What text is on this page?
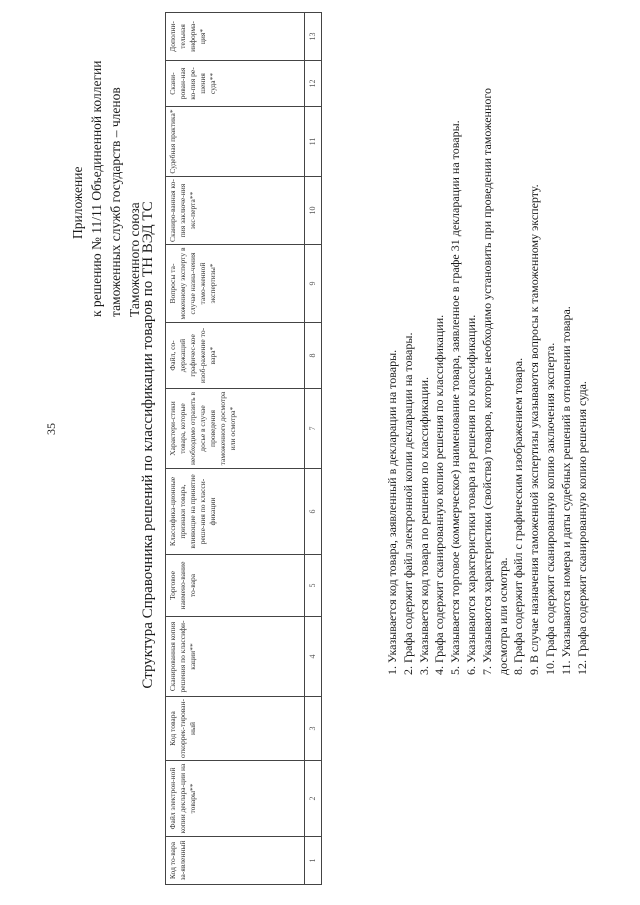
35
Приложение к решению № 11/11 Объединенной коллегии таможенных служб государств – членов Таможенного союза
Структура Справочника решений по классификации товаров по ТН ВЭД ТС
Код то-вара за-явленный	Файл электрон-ной копии деклара-ции на товары**	Код товара откоррек-тирован-ный	Сканированная копия решения по классифи-кации**	Торговое наимено-вание то-вара	Классифика-ционные признаки товара, влияющие на принятие реше-ния по класси-фикации	Характери-стики товара, которые необходимо отразить в досье в случае проведения таможенного досмотра или осмотра*	Файл, со-держащий графичес-кое изоб-ражение то-вара*	Вопросы та-моженному эксперту в случае назна-чения тамо-женной экспертизы*	Сканиро-ванная ко-пия заключе-ния экс-перта**	Судебная практика*	Скани-рован-ная ко-пия ре-шения суда**	Дополни-тельная информа-ция*
1	2	3	4	5	6	7	8	9	10	11	12	13

1. Указывается код товара, заявленный в декларации на товары. 2. Графа содержит файл электронной копии декларации на товары. 3. Указывается код товара по решению по классификации. 4. Графа содержит сканированную копию решения по классификации. 5. Указывается торговое (коммерческое) наименование товара, заявленное в графе 31 декларации на товары. 6. Указываются характеристики товара из решения по классификации. 7. Указываются характеристики (свойства) товаров, которые необходимо установить при проведении таможенного досмотра или осмотра. 8. Графа содержит файл с графическим изображением товара. 9. В случае назначения таможенной экспертизы указываются вопросы к таможенному эксперту. 10. Графа содержит сканированную копию заключения эксперта. 11. Указываются номера и даты судебных решений в отношении товара. 12. Графа содержит сканированную копию решения суда.
